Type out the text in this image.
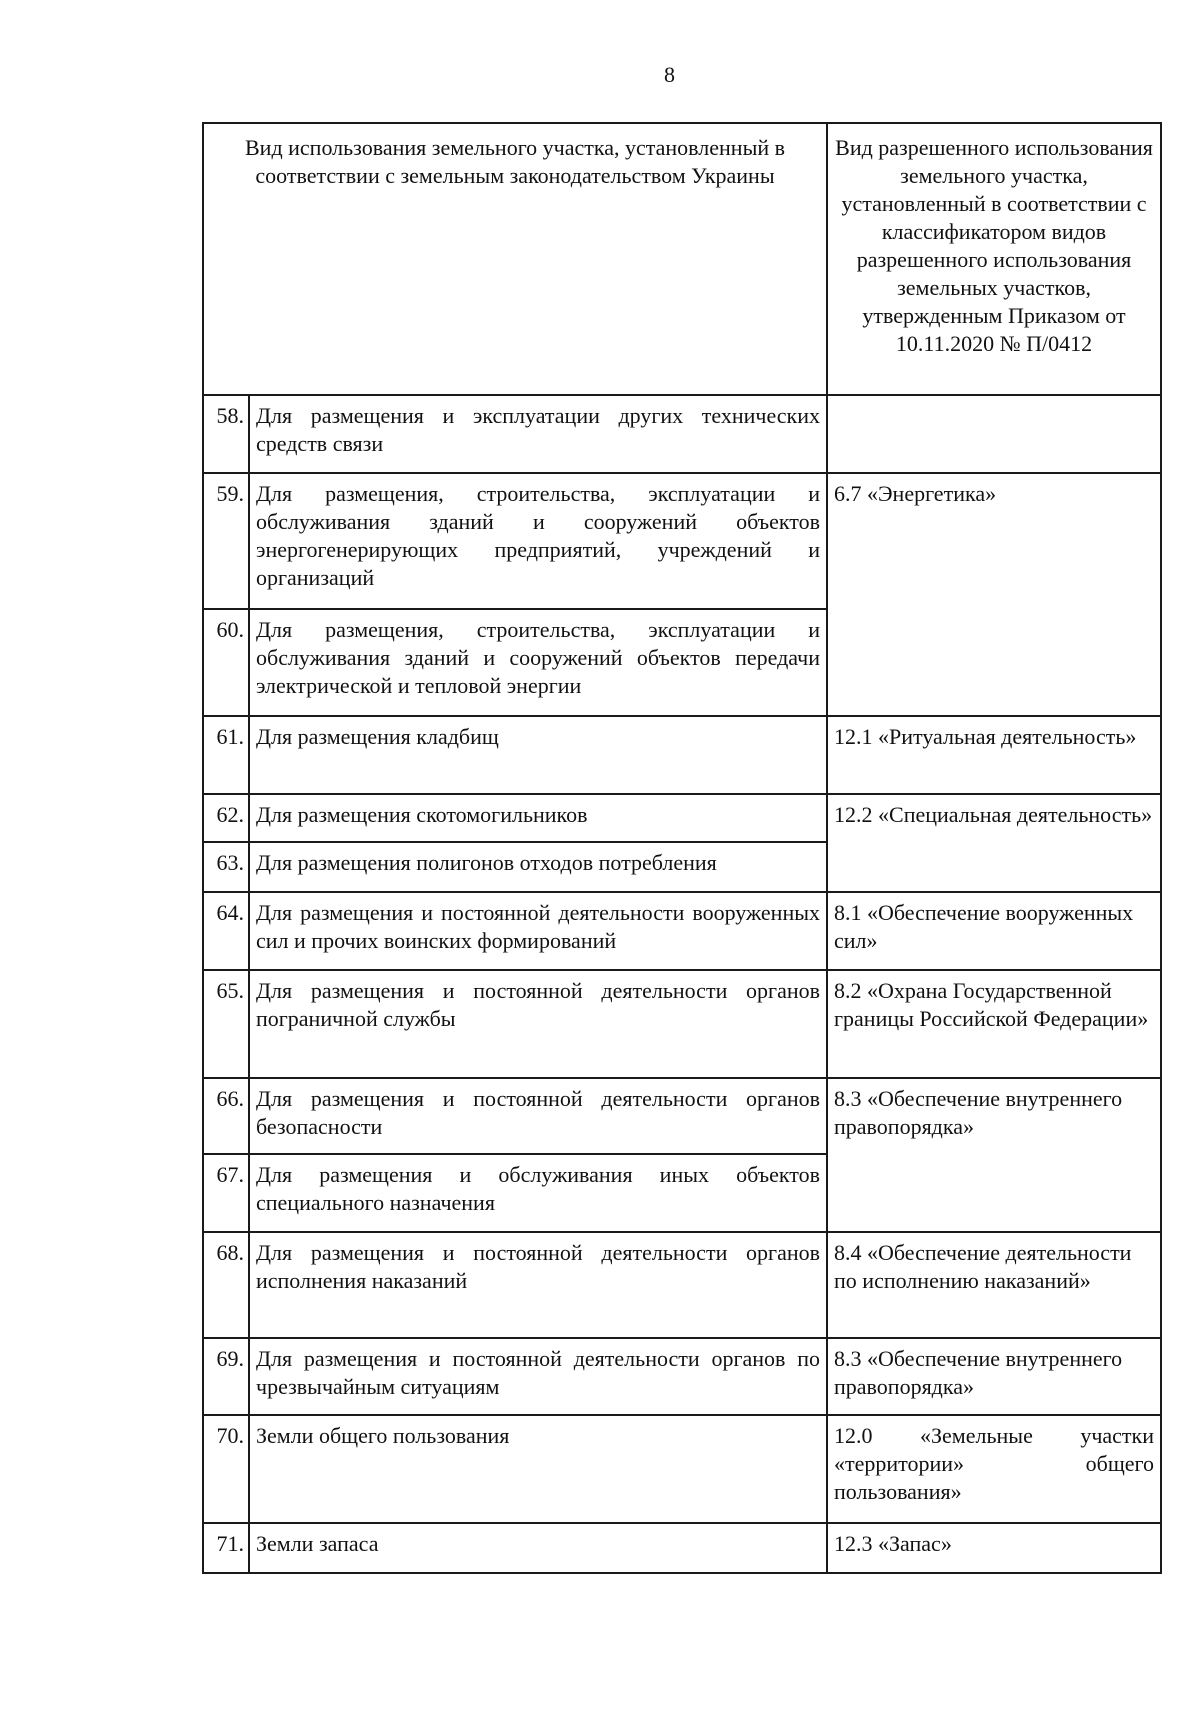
8
Вид использования земельного участка, установленный в соответствии с земельным законодательством Украины		Вид разрешенного использования земельного участка, установленный в соответствии с классификатором видов разрешенного использования земельных участков, утвержденным Приказом от 10.11.2020 № П/0412
58.	Для размещения и эксплуатации других технических средств связи	
59.	Для размещения, строительства, эксплуатации и обслуживания зданий и сооружений объектов энергогенерирующих предприятий, учреждений и организаций	6.7 «Энергетика»
60.	Для размещения, строительства, эксплуатации и обслуживания зданий и сооружений объектов передачи электрической и тепловой энергии	
61.	Для размещения кладбищ	12.1 «Ритуальная деятельность»
62.	Для размещения скотомогильников	12.2 «Специальная деятельность»
63.	Для размещения полигонов отходов потребления	
64.	Для размещения и постоянной деятельности вооруженных сил и прочих воинских формирований	8.1 «Обеспечение вооруженных сил»
65.	Для размещения и постоянной деятельности органов пограничной службы	8.2 «Охрана Государственной границы Российской Федерации»
66.	Для размещения и постоянной деятельности органов безопасности	8.3 «Обеспечение внутреннего правопорядка»
67.	Для размещения и обслуживания иных объектов специального назначения	
68.	Для размещения и постоянной деятельности органов исполнения наказаний	8.4 «Обеспечение деятельности по исполнению наказаний»
69.	Для размещения и постоянной деятельности органов по чрезвычайным ситуациям	8.3 «Обеспечение внутреннего правопорядка»
70.	Земли общего пользования	12.0 «Земельные участки «территории» общего пользования»
71.	Земли запаса	12.3 «Запас»
